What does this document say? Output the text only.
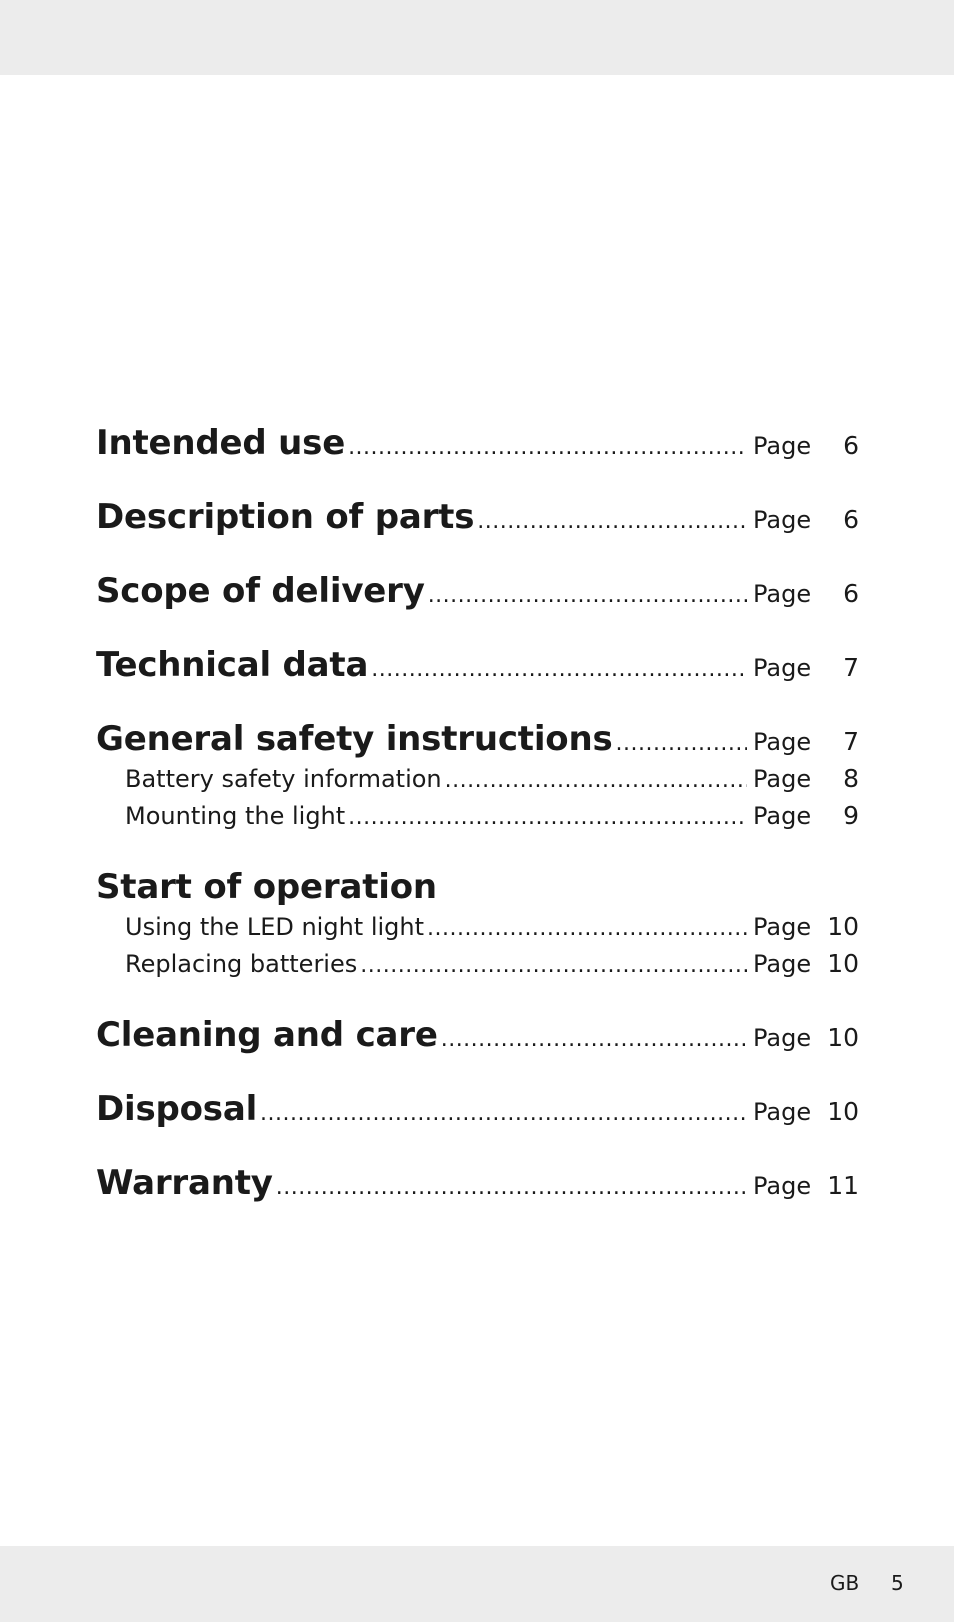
Intended use .....	Page	6
Description of parts .....	Page	6
Scope of delivery .....	Page	6
Technical data .....	Page	7
General safety instructions .....	Page	7
Battery safety information .....	Page	8
Mounting the light .....	Page	9
Start of operation
Using the LED night light .....	Page 10
Replacing batteries .....	Page 10
Cleaning and care .....	Page 10
Disposal .....	Page 10
Warranty .....	Page 11
GB 5
